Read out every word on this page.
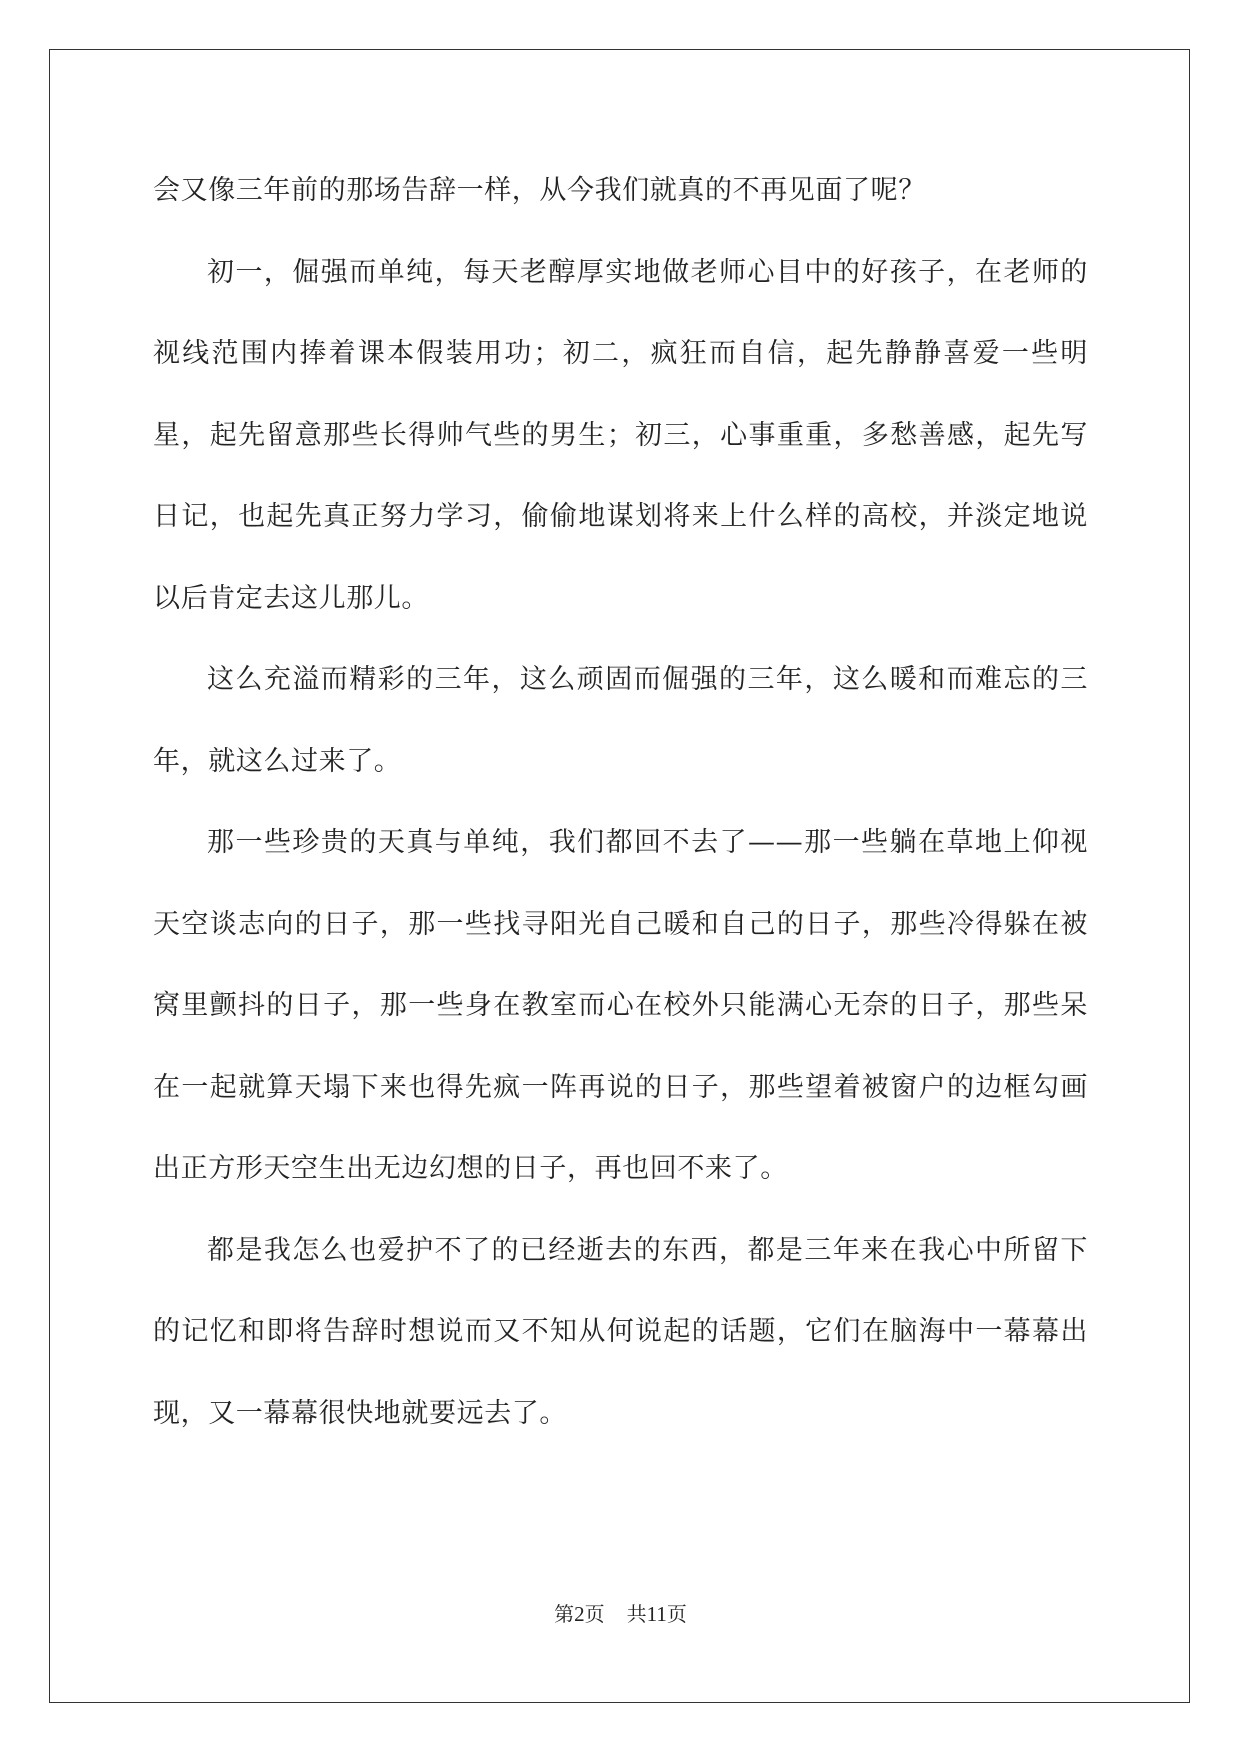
会又像三年前的那场告辞一样，从今我们就真的不再见面了呢？

初一，倔强而单纯，每天老醇厚实地做老师心目中的好孩子，在老师的视线范围内捧着课本假装用功；初二，疯狂而自信，起先静静喜爱一些明星，起先留意那些长得帅气些的男生；初三，心事重重，多愁善感，起先写日记，也起先真正努力学习，偷偷地谋划将来上什么样的高校，并淡定地说以后肯定去这儿那儿。

这么充溢而精彩的三年，这么顽固而倔强的三年，这么暖和而难忘的三年，就这么过来了。

那一些珍贵的天真与单纯，我们都回不去了——那一些躺在草地上仰视天空谈志向的日子，那一些找寻阳光自己暖和自己的日子，那些冷得躲在被窝里颤抖的日子，那一些身在教室而心在校外只能满心无奈的日子，那些呆在一起就算天塌下来也得先疯一阵再说的日子，那些望着被窗户的边框勾画出正方形天空生出无边幻想的日子，再也回不来了。

都是我怎么也爱护不了的已经逝去的东西，都是三年来在我心中所留下的记忆和即将告辞时想说而又不知从何说起的话题，它们在脑海中一幕幕出现，又一幕幕很快地就要远去了。

第2页 共11页
